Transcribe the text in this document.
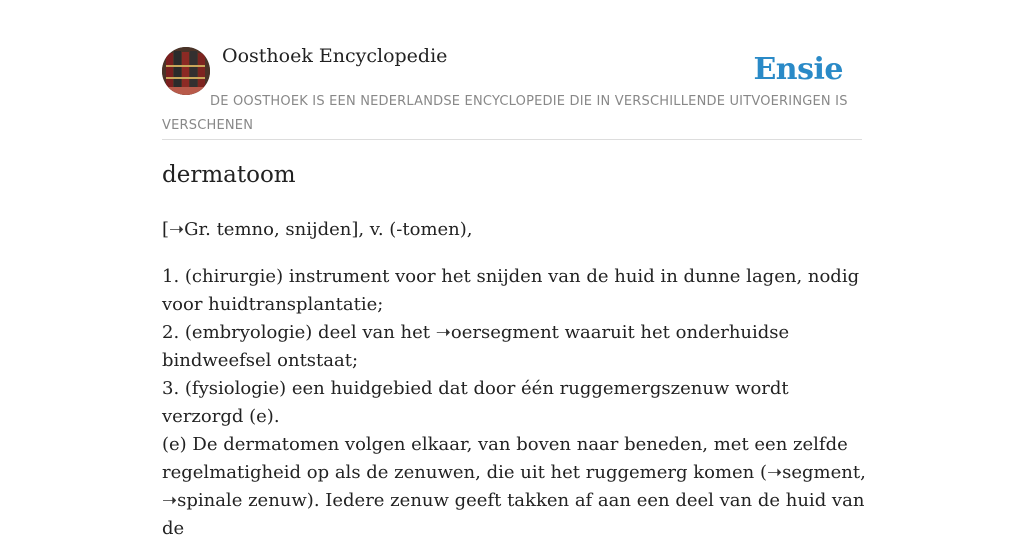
Oosthoek Encyclopedie	Ensie
DE OOSTHOEK IS EEN NEDERLANDSE ENCYCLOPEDIE DIE IN VERSCHILLENDE UITVOERINGEN IS VERSCHENEN
dermatoom
[➝Gr. temno, snijden], v. (-tomen),
1. (chirurgie) instrument voor het snijden van de huid in dunne lagen, nodig voor huidtransplantatie;
2. (embryologie) deel van het ➝oersegment waaruit het onderhuidse bindweefsel ontstaat;
3. (fysiologie) een huidgebied dat door één ruggemergszenuw wordt verzorgd (e).
(e) De dermatomen volgen elkaar, van boven naar beneden, met een zelfde regelmatigheid op als de zenuwen, die uit het ruggemerg komen (➝segment, ➝spinale zenuw). Iedere zenuw geeft takken af aan een deel van de huid van de
